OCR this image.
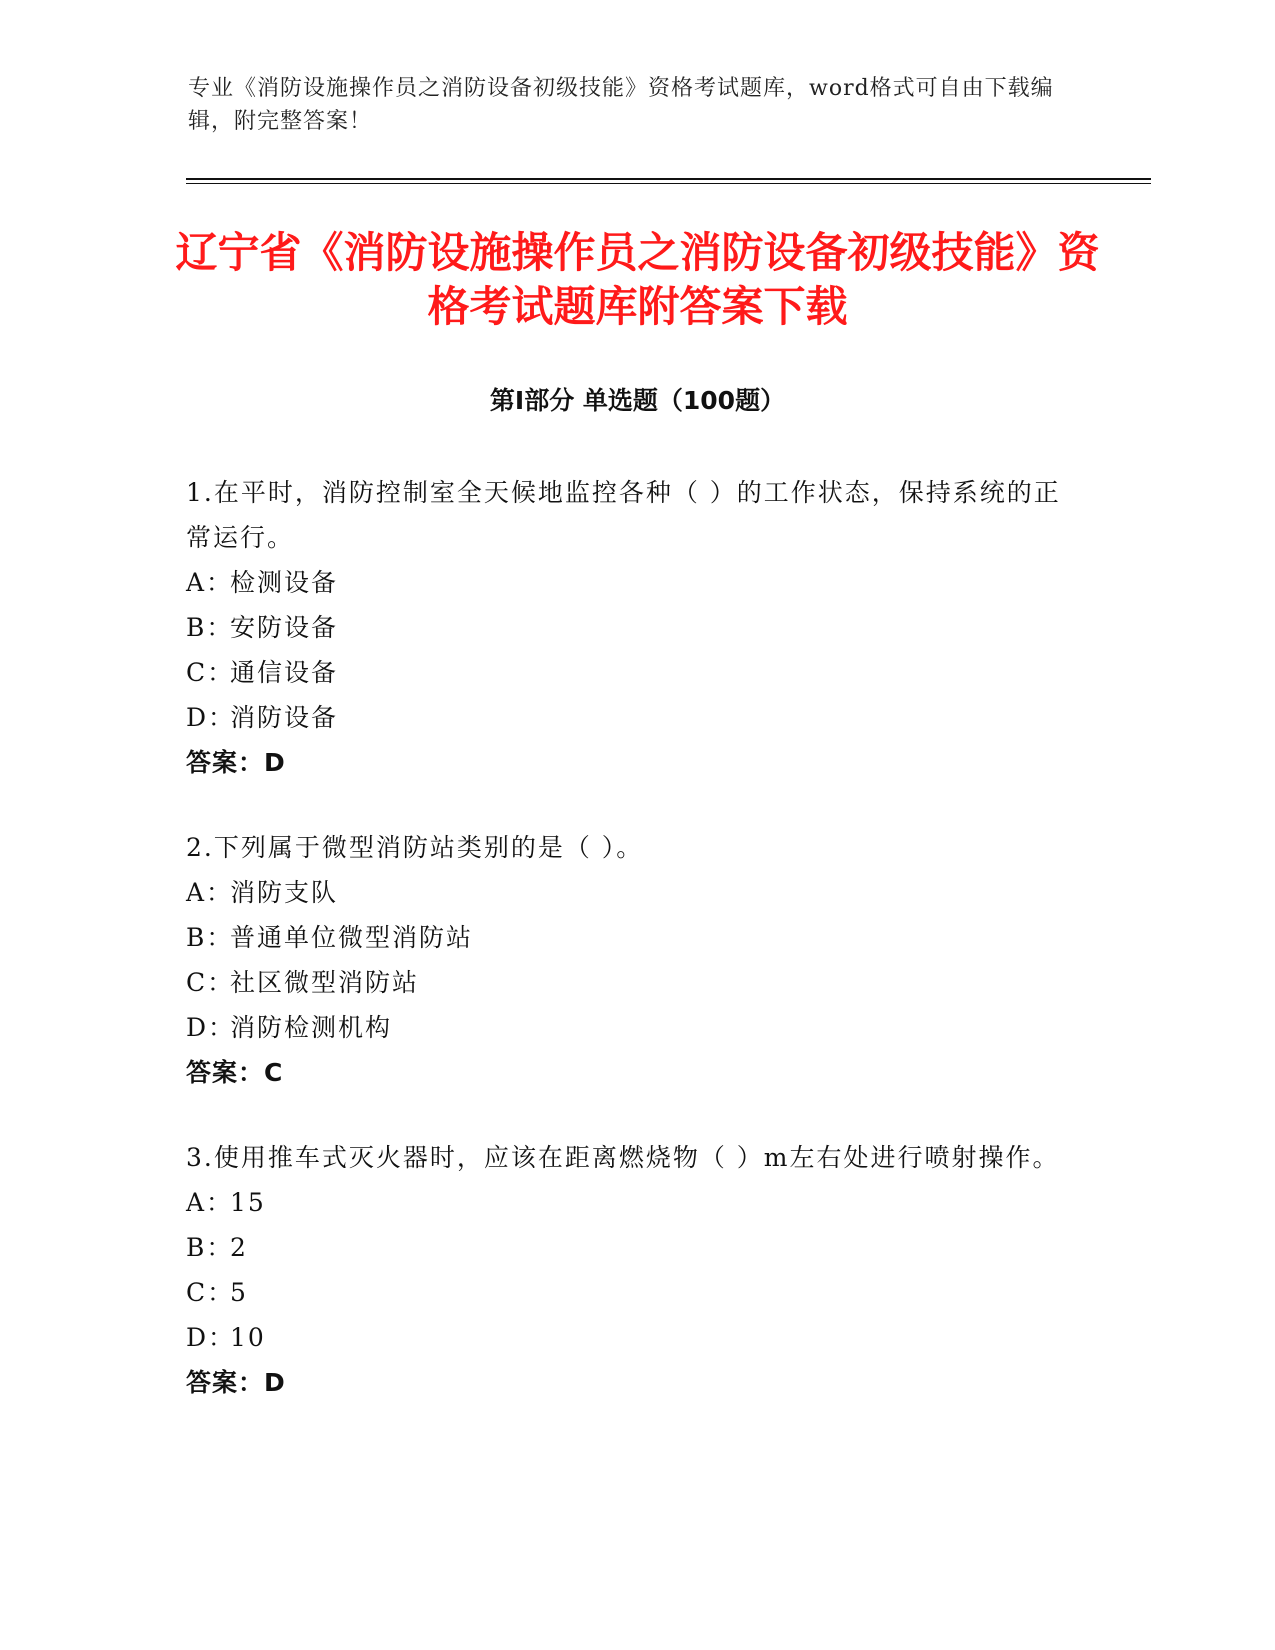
专业《消防设施操作员之消防设备初级技能》资格考试题库，word格式可自由下载编辑，附完整答案！
辽宁省《消防设施操作员之消防设备初级技能》资格考试题库附答案下载
第I部分 单选题（100题）
1.在平时，消防控制室全天候地监控各种（ ）的工作状态，保持系统的正常运行。
A：
检测设备
B：
安防设备
C：
通信设备
D：
消防设备
答案：D
2.下列属于微型消防站类别的是（ ）。
A：
消防支队
B：
普通单位微型消防站
C：
社区微型消防站
D：
消防检测机构
答案：C
3.使用推车式灭火器时，应该在距离燃烧物（ ）m左右处进行喷射操作。
A：
15
B：
2
C：
5
D：
10
答案：D
